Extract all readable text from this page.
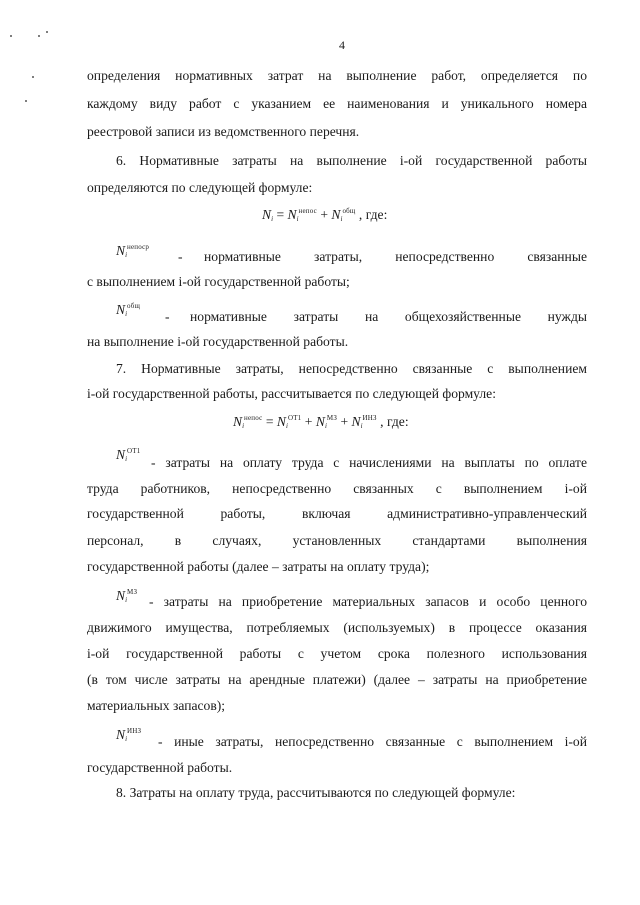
4
определения нормативных затрат на выполнение работ, определяется по
каждому виду работ с указанием ее наименования и уникального номера
реестровой записи из ведомственного перечня.
6. Нормативные затраты на выполнение i-ой государственной работы
определяются по следующей формуле:
$N_i = N_i^{непос} + N_i^{общ}$ , где:
$N_i^{непоср}$
- нормативные затраты, непосредственно связанные
с выполнением i-ой государственной работы;
$N_i^{общ}$
- нормативные затраты на общехозяйственные нужды
на выполнение i-ой государственной работы.
7. Нормативные затраты, непосредственно связанные с выполнением
i-ой государственной работы, рассчитывается по следующей формуле:
$N_i^{непос} = N_i^{ОТ1} + N_i^{МЗ} + N_i^{ИНЗ}$ , где:
$N_i^{ОТ1}$
- затраты на оплату труда с начислениями на выплаты по оплате
труда работников, непосредственно связанных с выполнением i-ой
государственной работы, включая административно-управленческий
персонал, в случаях, установленных стандартами выполнения
государственной работы (далее – затраты на оплату труда);
$N_i^{МЗ}$
- затраты на приобретение материальных запасов и особо ценного
движимого имущества, потребляемых (используемых) в процессе оказания
i-ой государственной работы с учетом срока полезного использования
(в том числе затраты на арендные платежи) (далее – затраты на приобретение
материальных запасов);
$N_i^{ИНЗ}$
- иные затраты, непосредственно связанные с выполнением i-ой
государственной работы.
8. Затраты на оплату труда, рассчитываются по следующей формуле:
